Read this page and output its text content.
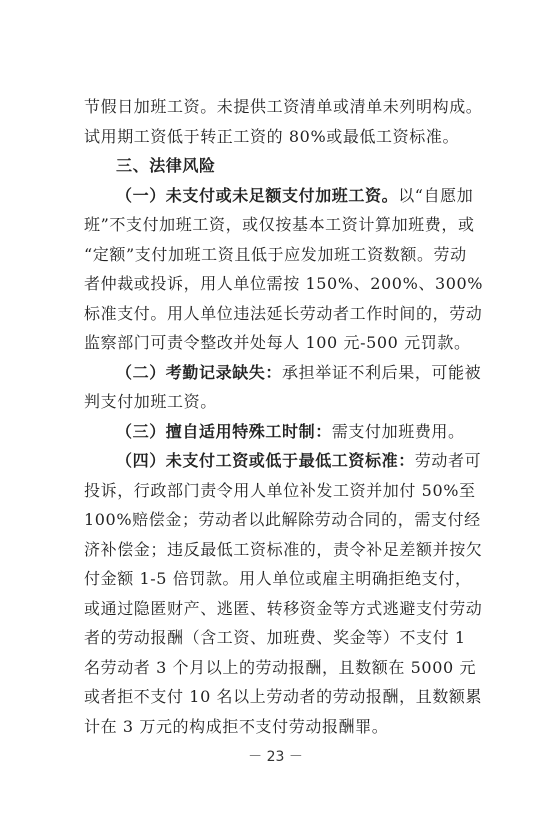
节假日加班工资。未提供工资清单或清单未列明构成。
试用期工资低于转正工资的 80%或最低工资标准。
三、法律风险
（一）未支付或未足额支付加班工资。以“自愿加
班”不支付加班工资，或仅按基本工资计算加班费，或
“定额”支付加班工资且低于应发加班工资数额。劳动
者仲裁或投诉，用人单位需按 150%、200%、300%
标准支付。用人单位违法延长劳动者工作时间的，劳动
监察部门可责令整改并处每人 100 元-500 元罚款。
（二）考勤记录缺失：承担举证不利后果，可能被
判支付加班工资。
（三）擅自适用特殊工时制：需支付加班费用。
（四）未支付工资或低于最低工资标准：劳动者可
投诉，行政部门责令用人单位补发工资并加付 50%至
100%赔偿金；劳动者以此解除劳动合同的，需支付经
济补偿金；违反最低工资标准的，责令补足差额并按欠
付金额 1-5 倍罚款。用人单位或雇主明确拒绝支付，
或通过隐匿财产、逃匿、转移资金等方式逃避支付劳动
者的劳动报酬（含工资、加班费、奖金等）不支付 1
名劳动者 3 个月以上的劳动报酬，且数额在 5000 元
或者拒不支付 10 名以上劳动者的劳动报酬，且数额累
计在 3 万元的构成拒不支付劳动报酬罪。
－ 23 －
